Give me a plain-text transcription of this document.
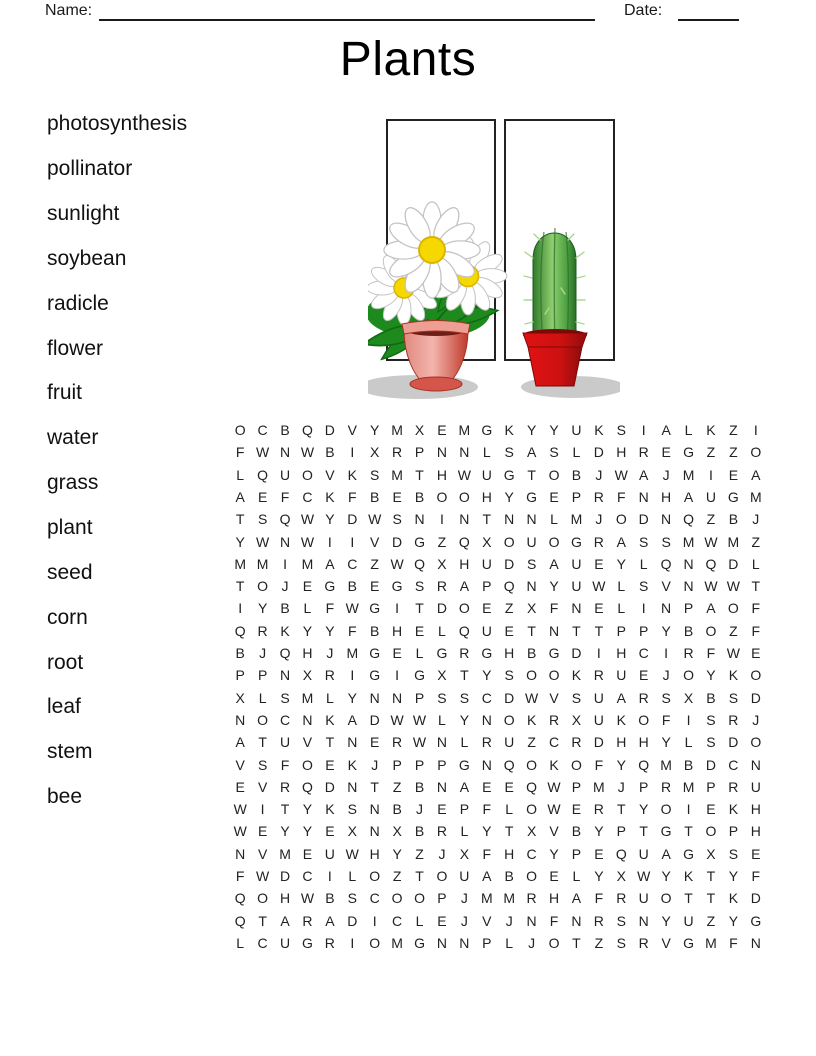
Name:	Date:
Plants
photosynthesis
pollinator
sunlight
soybean
radicle
flower
fruit
water
grass
plant
seed
corn
root
leaf
stem
bee
O C B Q D V Y M X E M G K Y Y U K S	I	A L K Z	I
F W N W B	I	X R P N N L S A S L D H R E G Z Z O
L Q U O V K S M T H W U G T O B	J W A	J M	I	E A
A E F C K F B E B O O H Y G E P R F N H A U G M
T S Q W Y D W S N	I	N T N N L M J O D N Q Z B	J
Y W N W I	I	V D G Z Q X O U O G R A S S M W M Z
M M	I	M A C Z W Q X H U D S A U E Y L Q N Q D L
T O J	E G B E G S R A P Q N Y U W L S V N W W T
I	Y B L	F W G	I	T D O E Z X F N E L	I	N P A O F
Q R K Y Y F B H E L Q U E T N T T P P Y B O Z F
B	J Q H J M G E L G R G H B G D	I	H C	I	R F W E
P P N X R	I	G	I	G X T Y S O O K R U E	J O Y K O
X L S M L Y N N P S S C D W V S U A R S X B S D
N O C N K A D W W L Y N O K R X U K O F	I	S R J
A T U V T N E R W N L R U Z C R D H H Y L S D O
V S F O E K	J	P P P G N Q O K O F Y Q M B D C N
E V R Q D N T Z B N A E E Q W P M J	P R M P R U
W I	T Y K S N B	J	E P F	L O W E R T Y O	I	E K H
W E Y Y E X N X B R L Y T X V B Y P T G T O P H
N V M E U W H Y Z	J	X F H C Y P E Q U A G X S E
F W D C	I	L O Z T O U A B O E L Y X W Y K T Y F
Q O H W B S C O O P	J M M R H A F R U O T T K D
Q T A R A D	I	C L E	J	V	J N F N R S N Y U Z Y G
L C U G R	I	O M G N N P L	J O T Z S R V G M F N
